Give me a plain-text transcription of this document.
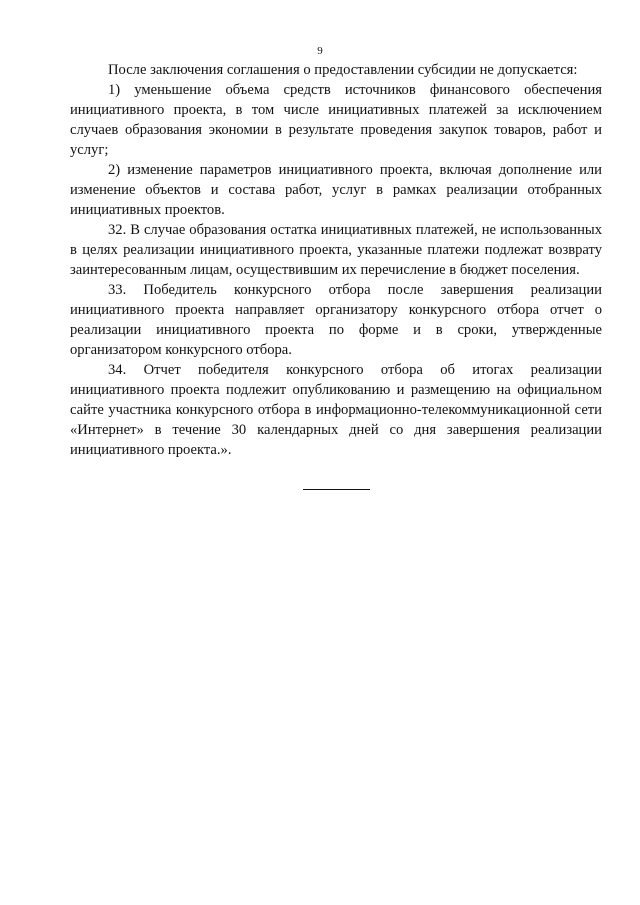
9

После заключения соглашения о предоставлении субсидии не допускается:

1) уменьшение объема средств источников финансового обеспечения инициативного проекта, в том числе инициативных платежей за исключением случаев образования экономии в результате проведения закупок товаров, работ и услуг;

2) изменение параметров инициативного проекта, включая дополнение или изменение объектов и состава работ, услуг в рамках реализации отобранных инициативных проектов.

32. В случае образования остатка инициативных платежей, не использованных в целях реализации инициативного проекта, указанные платежи подлежат возврату заинтересованным лицам, осуществившим их перечисление в бюджет поселения.

33. Победитель конкурсного отбора после завершения реализации инициативного проекта направляет организатору конкурсного отбора отчет о реализации инициативного проекта по форме и в сроки, утвержденные организатором конкурсного отбора.

34. Отчет победителя конкурсного отбора об итогах реализации инициативного проекта подлежит опубликованию и размещению на официальном сайте участника конкурсного отбора в информационно-телекоммуникационной сети «Интернет» в течение 30 календарных дней со дня завершения реализации инициативного проекта.».
